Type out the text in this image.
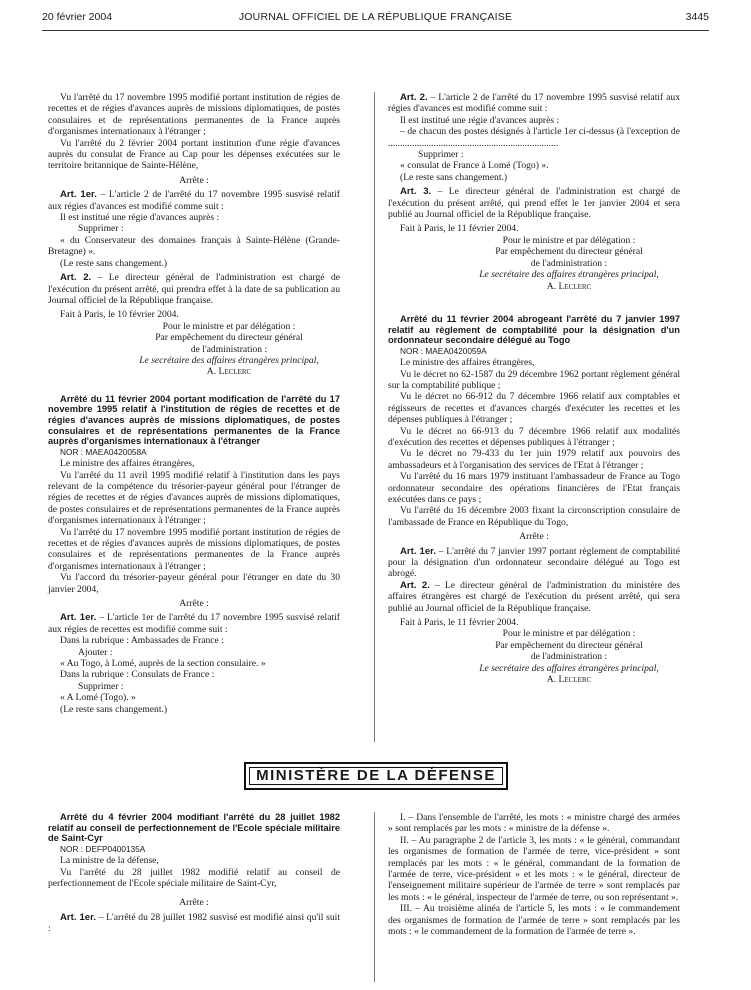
20 février 2004	JOURNAL OFFICIEL DE LA RÉPUBLIQUE FRANÇAISE	3445

Vu l'arrêté du 17 novembre 1995 modifié portant institution de régies de recettes et de régies d'avances auprès de missions diplomatiques, de postes consulaires et de représentations permanentes de la France auprès d'organismes internationaux à l'étranger ;

Vu l'arrêté du 2 février 2004 portant institution d'une régie d'avances auprès du consulat de France au Cap pour les dépenses exécutées sur le territoire britannique de Sainte-Hélène,

Arrête :

Art. 1er. – L'article 2 de l'arrêté du 17 novembre 1995 susvisé relatif aux régies d'avances est modifié comme suit :

Il est institué une régie d'avances auprès :

Supprimer :

« du Conservateur des domaines français à Sainte-Hélène (Grande-Bretagne) ».

(Le reste sans changement.)

Art. 2. – Le directeur général de l'administration est chargé de l'exécution du présent arrêté, qui prendra effet à la date de sa publication au Journal officiel de la République française.

Fait à Paris, le 10 février 2004.

Pour le ministre et par délégation :

Par empêchement du directeur général

de l'administration :

Le secrétaire des affaires étrangères principal,

A. Leclerc

Arrêté du 11 février 2004 portant modification de l'arrêté du 17 novembre 1995 relatif à l'institution de régies de recettes et de régies d'avances auprès de missions diplomatiques, de postes consulaires et de représentations permanentes de la France auprès d'organismes internationaux à l'étranger

NOR : MAEA0420058A

Le ministre des affaires étrangères,

Vu l'arrêté du 11 avril 1995 modifié relatif à l'institution dans les pays relevant de la compétence du trésorier-payeur général pour l'étranger de régies de recettes et de régies d'avances auprès de missions diplomatiques, de postes consulaires et de représentations permanentes de la France auprès d'organismes internationaux à l'étranger ;

Vu l'arrêté du 17 novembre 1995 modifié portant institution de régies de recettes et de régies d'avances auprès de missions diplomatiques, de postes consulaires et de représentations permanentes de la France auprès d'organismes internationaux à l'étranger ;

Vu l'accord du trésorier-payeur général pour l'étranger en date du 30 janvier 2004,

Arrête :

Art. 1er. – L'article 1er de l'arrêté du 17 novembre 1995 susvisé relatif aux régies de recettes est modifié comme suit :

Dans la rubrique : Ambassades de France :

Ajouter :

« Au Togo, à Lomé, auprès de la section consulaire. »

Dans la rubrique : Consulats de France :

Supprimer :

« A Lomé (Togo). »

(Le reste sans changement.)

Art. 2. – L'article 2 de l'arrêté du 17 novembre 1995 susvisé relatif aux régies d'avances est modifié comme suit :

Il est institué une régie d'avances auprès :

– de chacun des postes désignés à l'article 1er ci-dessus (à l'exception de .......................................................................

Supprimer :

« consulat de France à Lomé (Togo) ».

(Le reste sans changement.)

Art. 3. – Le directeur général de l'administration est chargé de l'exécution du présent arrêté, qui prend effet le 1er janvier 2004 et sera publié au Journal officiel de la République française.

Fait à Paris, le 11 février 2004.

Pour le ministre et par délégation :

Par empêchement du directeur général

de l'administration :

Le secrétaire des affaires étrangères principal,

A. Leclerc

Arrêté du 11 février 2004 abrogeant l'arrêté du 7 janvier 1997 relatif au règlement de comptabilité pour la désignation d'un ordonnateur secondaire délégué au Togo

NOR : MAEA0420059A

Le ministre des affaires étrangères,

Vu le décret no 62-1587 du 29 décembre 1962 portant règlement général sur la comptabilité publique ;

Vu le décret no 66-912 du 7 décembre 1966 relatif aux comptables et régisseurs de recettes et d'avances chargés d'exécuter les recettes et les dépenses publiques à l'étranger ;

Vu le décret no 66-913 du 7 décembre 1966 relatif aux modalités d'exécution des recettes et dépenses publiques à l'étranger ;

Vu le décret no 79-433 du 1er juin 1979 relatif aux pouvoirs des ambassadeurs et à l'organisation des services de l'Etat à l'étranger ;

Vu l'arrêté du 16 mars 1979 instituant l'ambassadeur de France au Togo ordonnateur secondaire des opérations financières de l'Etat français exécutées dans ce pays ;

Vu l'arrêté du 16 décembre 2003 fixant la circonscription consulaire de l'ambassade de France en République du Togo,

Arrête :

Art. 1er. – L'arrêté du 7 janvier 1997 portant règlement de comptabilité pour la désignation d'un ordonnateur secondaire délégué au Togo est abrogé.

Art. 2. – Le directeur général de l'administration du ministère des affaires étrangères est chargé de l'exécution du présent arrêté, qui sera publié au Journal officiel de la République française.

Fait à Paris, le 11 février 2004.

Pour le ministre et par délégation :

Par empêchement du directeur général

de l'administration :

Le secrétaire des affaires étrangères principal,

A. Leclerc

MINISTÈRE DE LA DÉFENSE

Arrêté du 4 février 2004 modifiant l'arrêté du 28 juillet 1982 relatif au conseil de perfectionnement de l'Ecole spéciale militaire de Saint-Cyr

NOR : DEFP0400135A

La ministre de la défense,

Vu l'arrêté du 28 juillet 1982 modifié relatif au conseil de perfectionnement de l'Ecole spéciale militaire de Saint-Cyr,

Arrête :

Art. 1er. – L'arrêté du 28 juillet 1982 susvisé est modifié ainsi qu'il suit :

I. – Dans l'ensemble de l'arrêté, les mots : « ministre chargé des armées » sont remplacés par les mots : « ministre de la défense ».

II. – Au paragraphe 2 de l'article 3, les mots : « le général, commandant les organismes de formation de l'armée de terre, vice-président » sont remplacés par les mots : « le général, commandant de la formation de l'armée de terre, vice-président » et les mots : « le général, directeur de l'enseignement militaire supérieur de l'armée de terre » sont remplacés par les mots : « le général, inspecteur de l'armée de terre, ou son représentant ».

III. – Au troisième alinéa de l'article 5, les mots : « le commandement des organismes de formation de l'armée de terre » sont remplacés par les mots : « le commandement de la formation de l'armée de terre ».
